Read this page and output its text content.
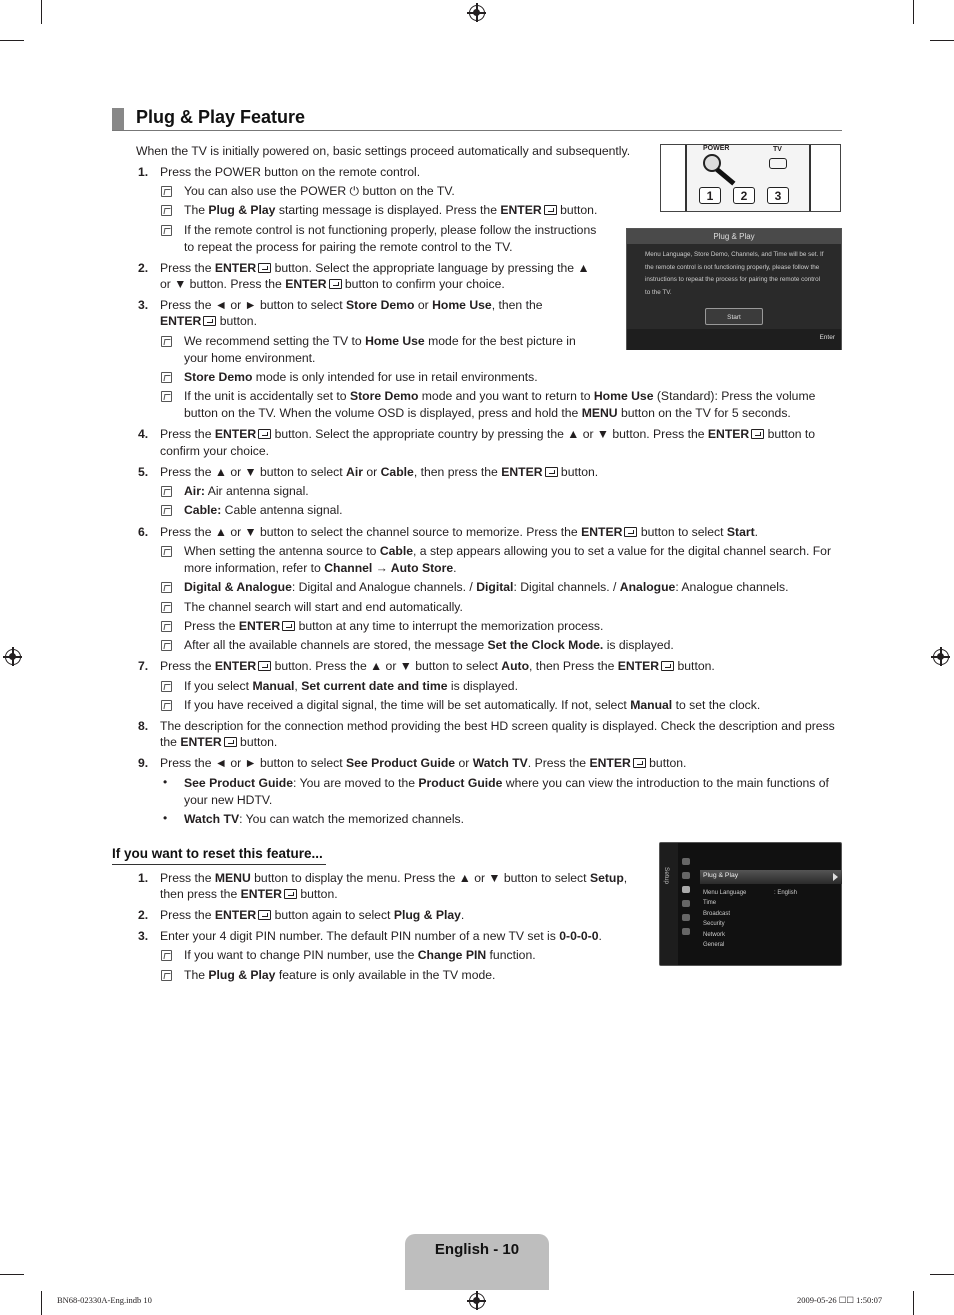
Plug & Play Feature
When the TV is initially powered on, basic settings proceed automatically and subsequently.	POWER	TV
1	2	3
Plug & Play
Menu Language, Store Demo, Channels, and Time will be set. If the remote control is not functioning properly, please follow the instructions to repeat the process for pairing the remote control to the TV.
Start
Enter
1. Press the POWER button on the remote control.
You can also use the POWER ⏻ button on the TV.
The Plug & Play starting message is displayed. Press the ENTER button.
If the remote control is not functioning properly, please follow the instructions
to repeat the process for pairing the remote control to the TV.
2. Press the ENTER button. Select the appropriate language by pressing the ▲
or ▼ button. Press the ENTER button to confirm your choice.
3. Press the ◄ or ► button to select Store Demo or Home Use, then the
ENTER button.
We recommend setting the TV to Home Use mode for the best picture in
your home environment.
Store Demo mode is only intended for use in retail environments.
If the unit is accidentally set to Store Demo mode and you want to return to Home Use (Standard): Press the volume
button on the TV. When the volume OSD is displayed, press and hold the MENU button on the TV for 5 seconds.
4. Press the ENTER button. Select the appropriate country by pressing the ▲ or ▼ button. Press the ENTER button to
confirm your choice.
5. Press the ▲ or ▼ button to select Air or Cable, then press the ENTER button.
Air: Air antenna signal.
Cable: Cable antenna signal.
6. Press the ▲ or ▼ button to select the channel source to memorize. Press the ENTER button to select Start.
When setting the antenna source to Cable, a step appears allowing you to set a value for the digital channel search. For
more information, refer to Channel → Auto Store.
Digital & Analogue: Digital and Analogue channels. / Digital: Digital channels. / Analogue: Analogue channels.
The channel search will start and end automatically.
Press the ENTER button at any time to interrupt the memorization process.
After all the available channels are stored, the message Set the Clock Mode. is displayed.
7. Press the ENTER button. Press the ▲ or ▼ button to select Auto, then Press the ENTER button.
If you select Manual, Set current date and time is displayed.
If you have received a digital signal, the time will be set automatically. If not, select Manual to set the clock.
8. The description for the connection method providing the best HD screen quality is displayed. Check the description and press
the ENTER button.
9. Press the ◄ or ► button to select See Product Guide or Watch TV. Press the ENTER button.
• See Product Guide: You are moved to the Product Guide where you can view the introduction to the main functions of
your new HDTV.
• Watch TV: You can watch the memorized channels.
If you want to reset this feature...
1. Press the MENU button to display the menu. Press the ▲ or ▼ button to select Setup,
then press the ENTER button.
2. Press the ENTER button again to select Plug & Play.
3. Enter your 4 digit PIN number. The default PIN number of a new TV set is 0-0-0-0.
If you want to change PIN number, use the Change PIN function.
The Plug & Play feature is only available in the TV mode.
Setup	Plug & Play
Menu Language	: English
Time
Broadcast
Security
Network
General
English - 10
BN68-02330A-Eng.indb 10	2009-05-26 ☐☐ 1:50:07
